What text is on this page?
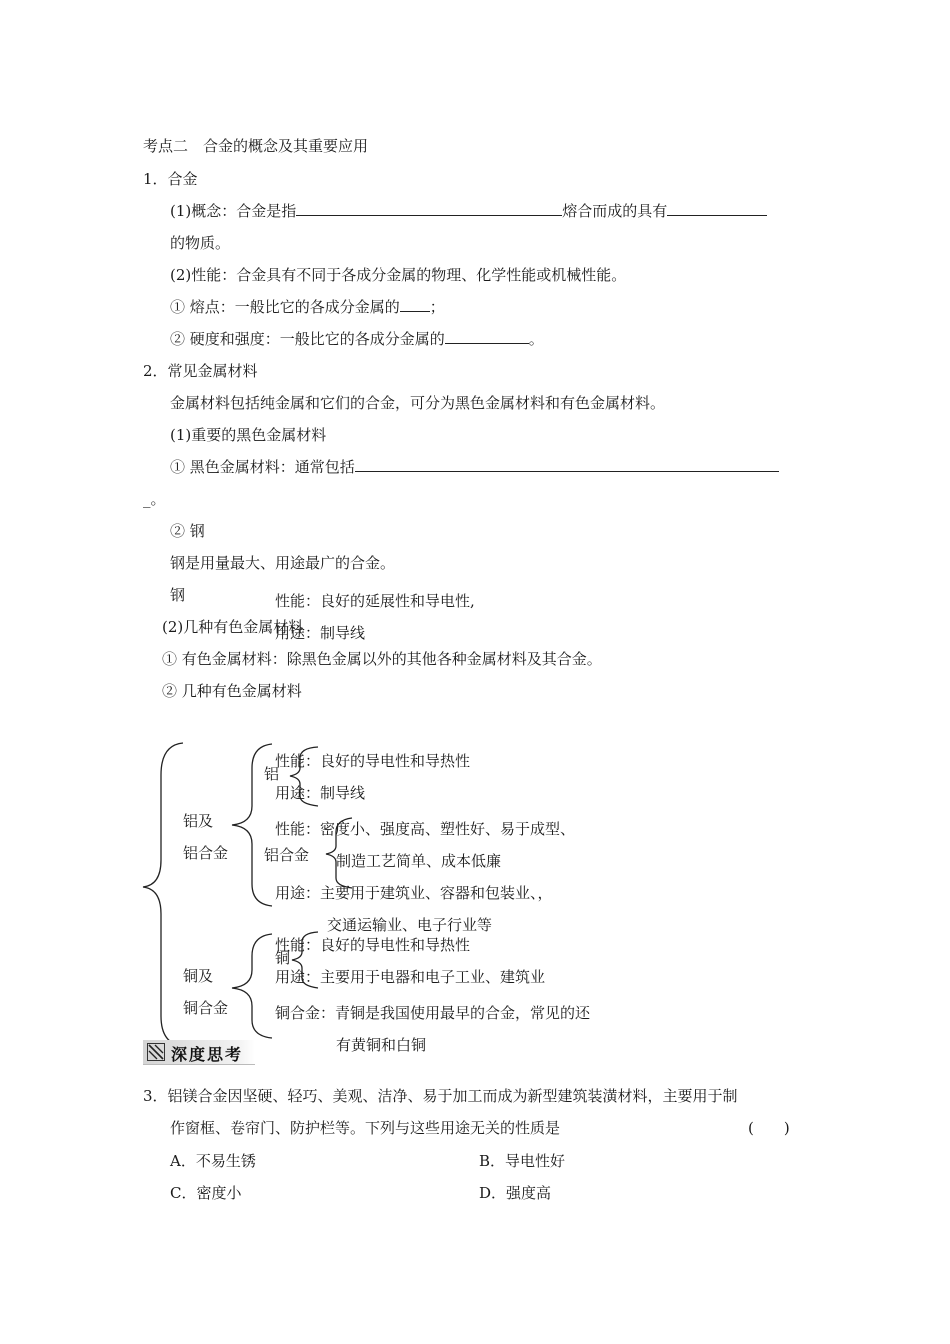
考点二　合金的概念及其重要应用
1．合金
(1)概念：合金是指	熔合而成的具有
的物质。
(2)性能：合金具有不同于各成分金属的物理、化学性能或机械性能。
① 熔点：一般比它的各成分金属的 ；
② 硬度和强度：一般比它的各成分金属的	。
2．常见金属材料
金属材料包括纯金属和它们的合金，可分为黑色金属材料和有色金属材料。
(1)重要的黑色金属材料
① 黑色金属材料：通常包括
_。
② 钢
钢是用量最大、用途最广的合金。
钢	性能：良好的延展性和导电性,
(2)几种有色金属材料
用途：制导线
① 有色金属材料：除黑色金属以外的其他各种金属材料及其合金。
② 几种有色金属材料
铝及
铝合金
铝
性能：良好的导电性和导热性
用途：制导线
铝合金
性能：密度小、强度高、塑性好、易于成型、
制造工艺简单、成本低廉
用途：主要用于建筑业、容器和包装业、，
交通运输业、电子行业等
铜及
铜合金
铜
性能：良好的导电性和导热性
用途：主要用于电器和电子工业、建筑业
铜合金：青铜是我国使用最早的合金，常见的还
有黄铜和白铜
深度思考
3．铝镁合金因坚硬、轻巧、美观、洁净、易于加工而成为新型建筑装潢材料，主要用于制
作窗框、卷帘门、防护栏等。下列与这些用途无关的性质是	(　　)
A．不易生锈	B．导电性好
C．密度小	D．强度高
